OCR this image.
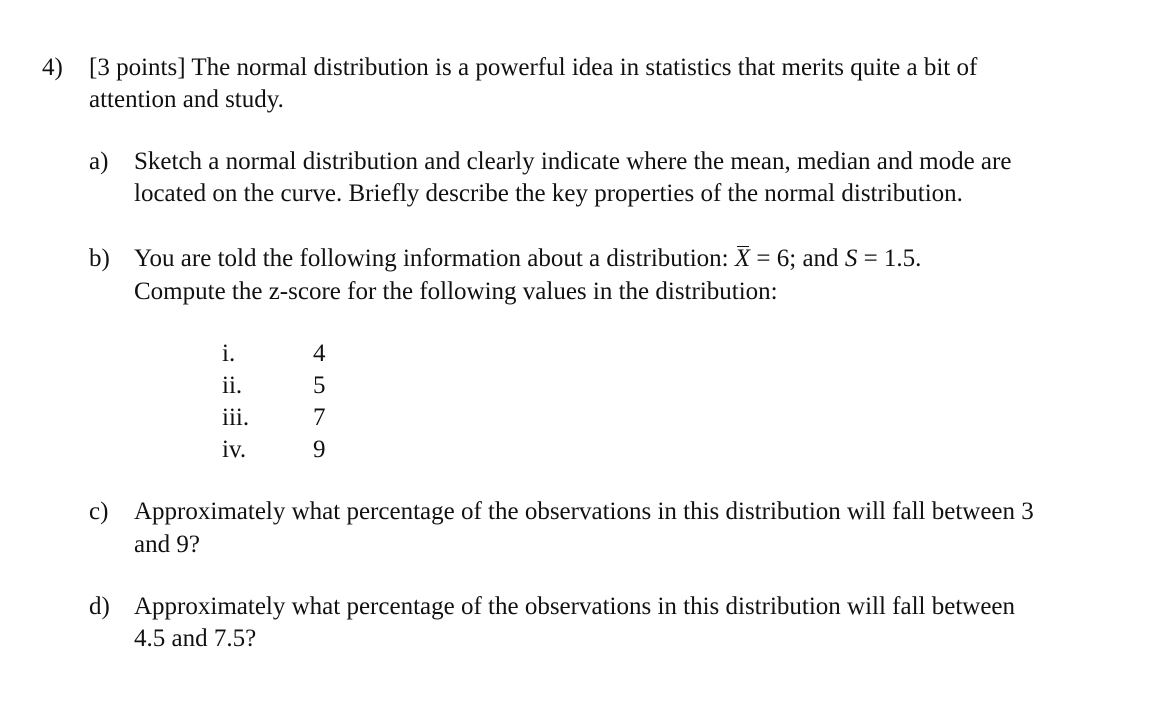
4) [3 points] The normal distribution is a powerful idea in statistics that merits quite a bit of
attention and study.
a) Sketch a normal distribution and clearly indicate where the mean, median and mode are
located on the curve. Briefly describe the key properties of the normal distribution.
b) You are told the following information about a distribution: X = 6; and S = 1.5.
Compute the z-score for the following values in the distribution:
i.	4
ii.	5
iii.	7
iv.	9
c) Approximately what percentage of the observations in this distribution will fall between 3
and 9?
d) Approximately what percentage of the observations in this distribution will fall between
4.5 and 7.5?
